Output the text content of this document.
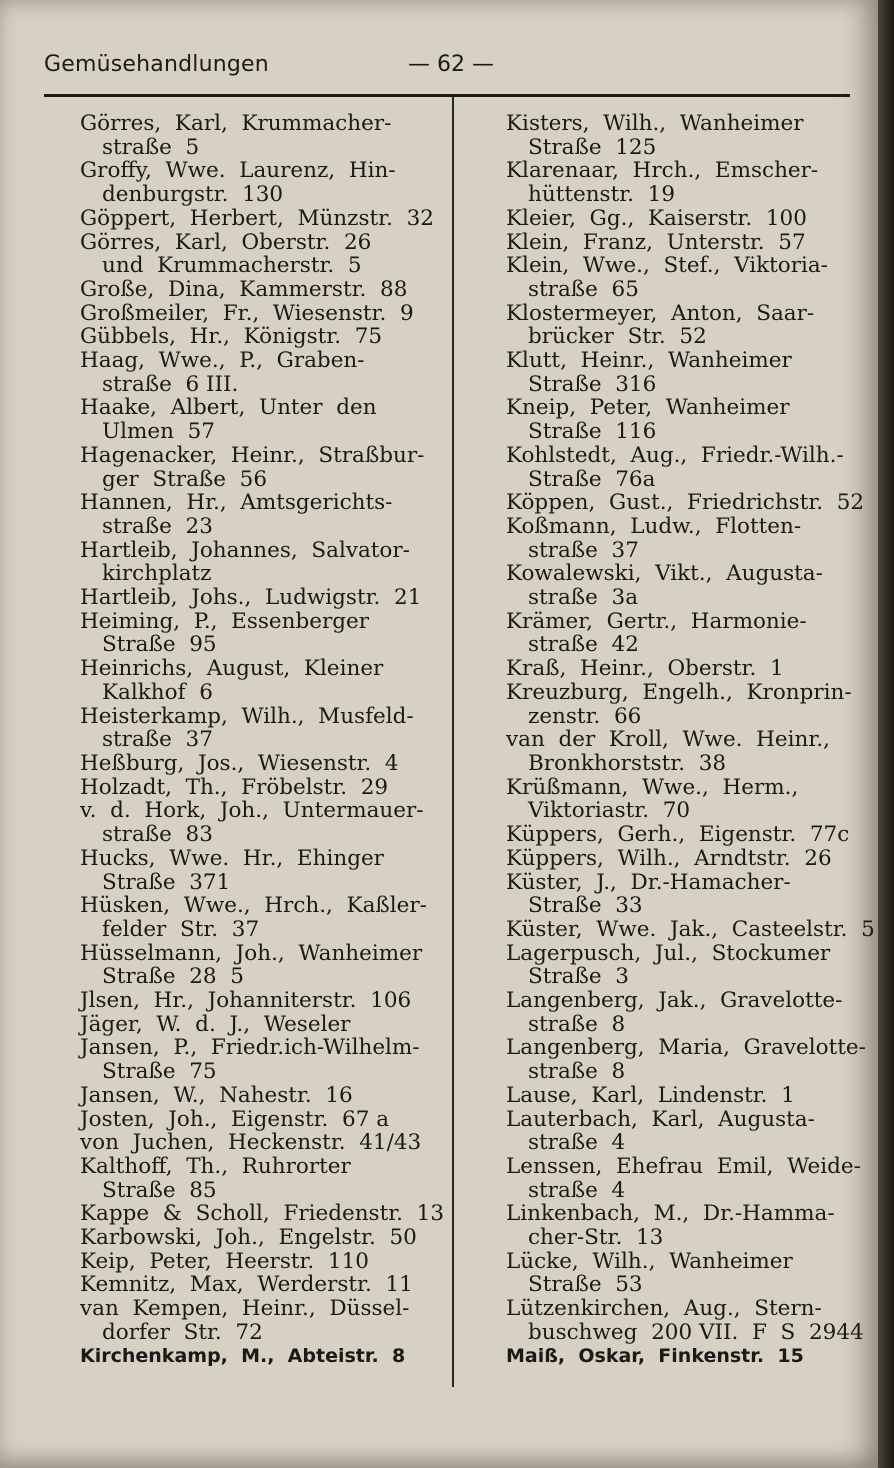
Gemüsehandlungen	— 62 —
Görres,  Karl,  Krummacher-
straße  5
Groffy,  Wwe.  Laurenz,  Hin-
denburgstr.  130
Göppert,  Herbert,  Münzstr.  32
Görres,  Karl,  Oberstr.  26
und  Krummacherstr.  5
Große,  Dina,  Kammerstr.  88
Großmeiler,  Fr.,  Wiesenstr.  9
Gübbels,  Hr.,  Königstr.  75
Haag,  Wwe.,  P.,  Graben-
straße  6 III.
Haake,  Albert,  Unter  den
Ulmen  57
Hagenacker,  Heinr.,  Straßbur-
ger  Straße  56
Hannen,  Hr.,  Amtsgerichts-
straße  23
Hartleib,  Johannes,  Salvator-
kirchplatz
Hartleib,  Johs.,  Ludwigstr.  21
Heiming,  P.,  Essenberger
Straße  95
Heinrichs,  August,  Kleiner
Kalkhof  6
Heisterkamp,  Wilh.,  Musfeld-
straße  37
Heßburg,  Jos.,  Wiesenstr.  4
Holzadt,  Th.,  Fröbelstr.  29
v.  d.  Hork,  Joh.,  Untermauer-
straße  83
Hucks,  Wwe.  Hr.,  Ehinger
Straße  371
Hüsken,  Wwe.,  Hrch.,  Kaßler-
felder  Str.  37
Hüsselmann,  Joh.,  Wanheimer
Straße  28  5
Jlsen,  Hr.,  Johanniterstr.  106
Jäger,  W.  d.  J.,  Weseler
Jansen,  P.,  Friedr.ich-Wilhelm-
Straße  75
Jansen,  W.,  Nahestr.  16
Josten,  Joh.,  Eigenstr.  67 a
von  Juchen,  Heckenstr.  41/43
Kalthoff,  Th.,  Ruhrorter
Straße  85
Kappe  &  Scholl,  Friedenstr.  13
Karbowski,  Joh.,  Engelstr.  50
Keip,  Peter,  Heerstr.  110
Kemnitz,  Max,  Werderstr.  11
van  Kempen,  Heinr.,  Düssel-
dorfer  Str.  72
Kirchenkamp,  M.,  Abteistr.  8
Kisters,  Wilh.,  Wanheimer
Straße  125
Klarenaar,  Hrch.,  Emscher-
hüttenstr.  19
Kleier,  Gg.,  Kaiserstr.  100
Klein,  Franz,  Unterstr.  57
Klein,  Wwe.,  Stef.,  Viktoria-
straße  65
Klostermeyer,  Anton,  Saar-
brücker  Str.  52
Klutt,  Heinr.,  Wanheimer
Straße  316
Kneip,  Peter,  Wanheimer
Straße  116
Kohlstedt,  Aug.,  Friedr.-Wilh.-
Straße  76a
Köppen,  Gust.,  Friedrichstr.  52
Koßmann,  Ludw.,  Flotten-
straße  37
Kowalewski,  Vikt.,  Augusta-
straße  3a
Krämer,  Gertr.,  Harmonie-
straße  42
Kraß,  Heinr.,  Oberstr.  1
Kreuzburg,  Engelh.,  Kronprin-
zenstr.  66
van  der  Kroll,  Wwe.  Heinr.,
Bronkhorststr.  38
Krüßmann,  Wwe.,  Herm.,
Viktoriastr.  70
Küppers,  Gerh.,  Eigenstr.  77c
Küppers,  Wilh.,  Arndtstr.  26
Küster,  J.,  Dr.-Hamacher-
Straße  33
Küster,  Wwe.  Jak.,  Casteelstr.  5
Lagerpusch,  Jul.,  Stockumer
Straße  3
Langenberg,  Jak.,  Gravelotte-
straße  8
Langenberg,  Maria,  Gravelotte-
straße  8
Lause,  Karl,  Lindenstr.  1
Lauterbach,  Karl,  Augusta-
straße  4
Lenssen,  Ehefrau  Emil,  Weide-
straße  4
Linkenbach,  M.,  Dr.-Hamma-
cher-Str.  13
Lücke,  Wilh.,  Wanheimer
Straße  53
Lützenkirchen,  Aug.,  Stern-
buschweg  200 VII.  F  S  2944
Maiß,  Oskar,  Finkenstr.  15
